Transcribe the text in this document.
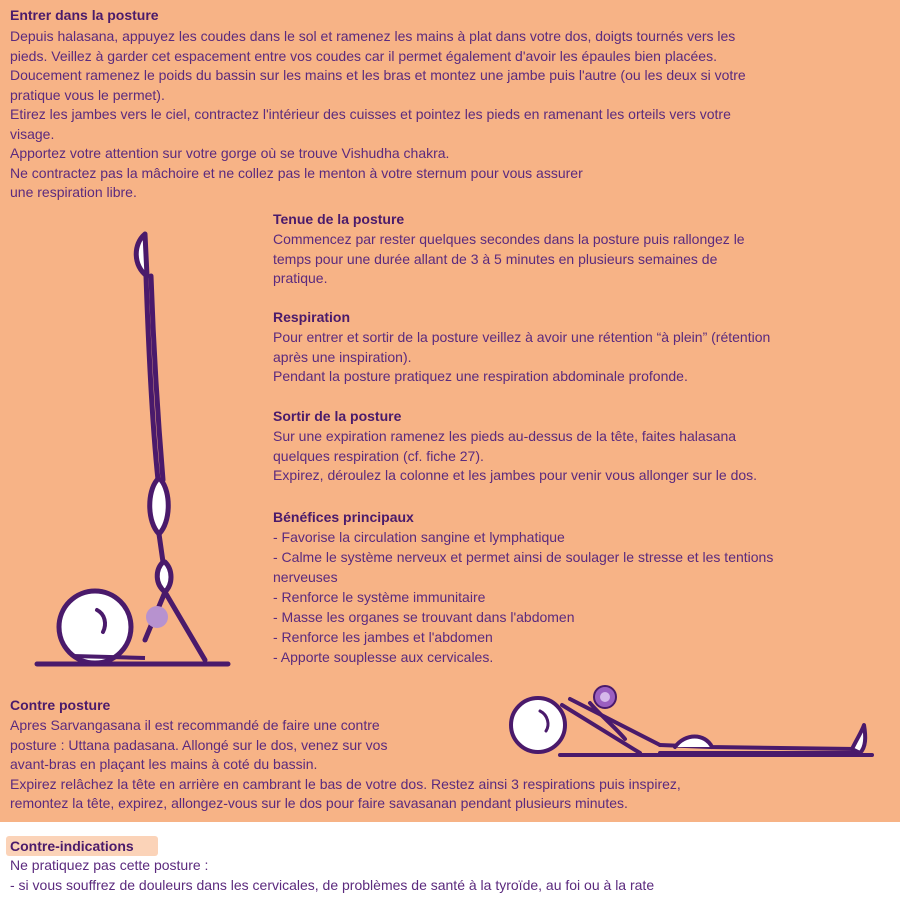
Entrer dans la posture
Depuis halasana, appuyez les coudes dans le sol et ramenez les mains à plat dans votre dos, doigts tournés vers les
pieds. Veillez à garder cet espacement entre vos coudes car il permet également d'avoir les épaules bien placées.
Doucement ramenez le poids du bassin sur les mains et les bras et montez une jambe puis l'autre (ou les deux si votre
pratique vous le permet).
Etirez les jambes vers le ciel, contractez l'intérieur des cuisses et pointez les pieds en ramenant les orteils vers votre
visage.
Apportez votre attention sur votre gorge où se trouve Vishudha chakra.
Ne contractez pas la mâchoire et ne collez pas le menton à votre sternum pour vous assurer
une respiration libre.
Tenue de la posture
Commencez par rester quelques secondes dans la posture puis rallongez le
temps pour une durée allant de 3 à 5 minutes en plusieurs semaines de
pratique.
Respiration
Pour entrer et sortir de la posture veillez à avoir une rétention “à plein” (rétention
après une inspiration).
Pendant la posture pratiquez une respiration abdominale profonde.
Sortir de la posture
Sur une expiration ramenez les pieds au-dessus de la tête, faites halasana
quelques respiration (cf. fiche 27).
Expirez, déroulez la colonne et les jambes pour venir vous allonger sur le dos.
Bénéfices principaux
- Favorise la circulation sangine et lymphatique
- Calme le système nerveux et permet ainsi de soulager le stresse et les tentions
nerveuses
- Renforce le système immunitaire
- Masse les organes se trouvant dans l'abdomen
- Renforce les jambes et l'abdomen
- Apporte souplesse aux cervicales.
Contre posture
Apres Sarvangasana il est recommandé de faire une contre
posture : Uttana padasana. Allongé sur le dos, venez sur vos
avant-bras en plaçant les mains à coté du bassin.
Expirez relâchez la tête en arrière en cambrant le bas de votre dos. Restez ainsi 3 respirations puis inspirez,
remontez la tête, expirez, allongez-vous sur le dos pour faire savasanan pendant plusieurs minutes.
Contre-indications
Ne pratiquez pas cette posture :
- si vous souffrez de douleurs dans les cervicales, de problèmes de santé à la tyroïde, au foi ou à la rate
